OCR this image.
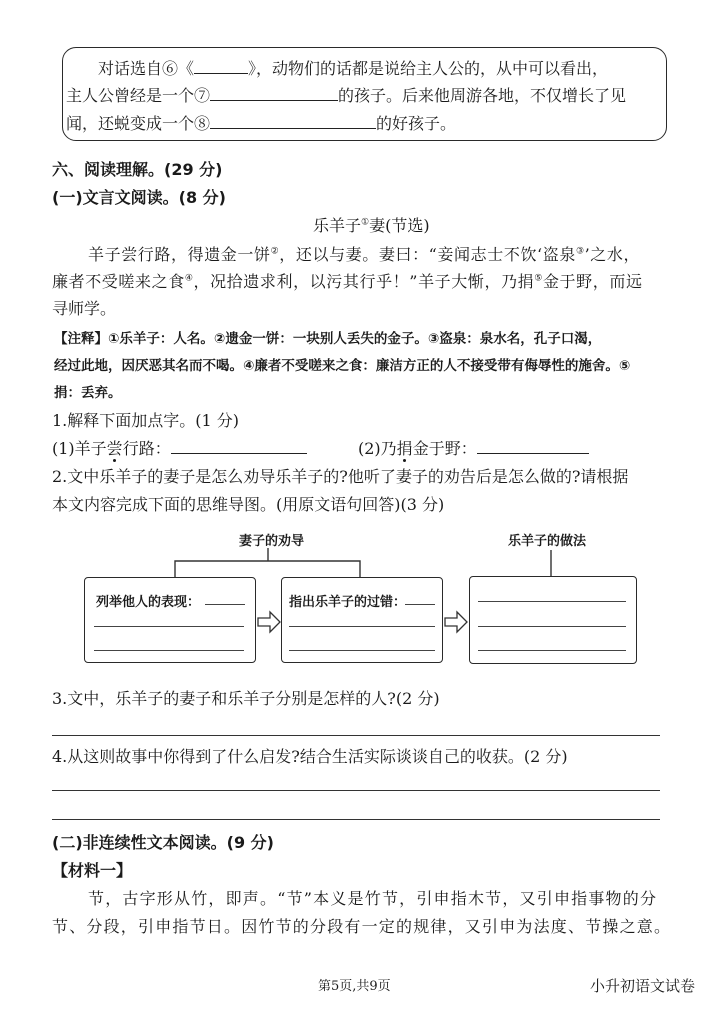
对话选自⑥《	》，动物们的话都是说给主人公的，从中可以看出，
主人公曾经是一个⑦	的孩子。后来他周游各地，不仅增长了见
闻，还蜕变成一个⑧	的好孩子。
六、阅读理解。(29 分)
(一)文言文阅读。(8 分)
乐羊子①妻(节选)
羊子尝行路，得遗金一饼②，还以与妻。妻曰：“妾闻志士不饮‘盗泉③’之水，
廉者不受嗟来之食④，况拾遗求利，以污其行乎！”羊子大惭，乃捐⑤金于野，而远
寻师学。
【注释】①乐羊子：人名。②遗金一饼：一块别人丢失的金子。③盗泉：泉水名，孔子口渴，
经过此地，因厌恶其名而不喝。④廉者不受嗟来之食：廉洁方正的人不接受带有侮辱性的施舍。⑤
捐：丢弃。
1.解释下面加点字。(1 分)
(1)羊子尝行路：	(2)乃捐金于野：
2.文中乐羊子的妻子是怎么劝导乐羊子的?他听了妻子的劝告后是怎么做的?请根据
本文内容完成下面的思维导图。(用原文语句回答)(3 分)
妻子的劝导	乐羊子的做法
列举他人的表现：	指出乐羊子的过错：
3.文中，乐羊子的妻子和乐羊子分别是怎样的人?(2 分)
4.从这则故事中你得到了什么启发?结合生活实际谈谈自己的收获。(2 分)
(二)非连续性文本阅读。(9 分)
【材料一】
节，古字形从竹，即声。“节”本义是竹节，引申指木节，又引申指事物的分
节、分段，引申指节日。因竹节的分段有一定的规律，又引申为法度、节操之意。
第5页,共9页	小升初语文试卷
